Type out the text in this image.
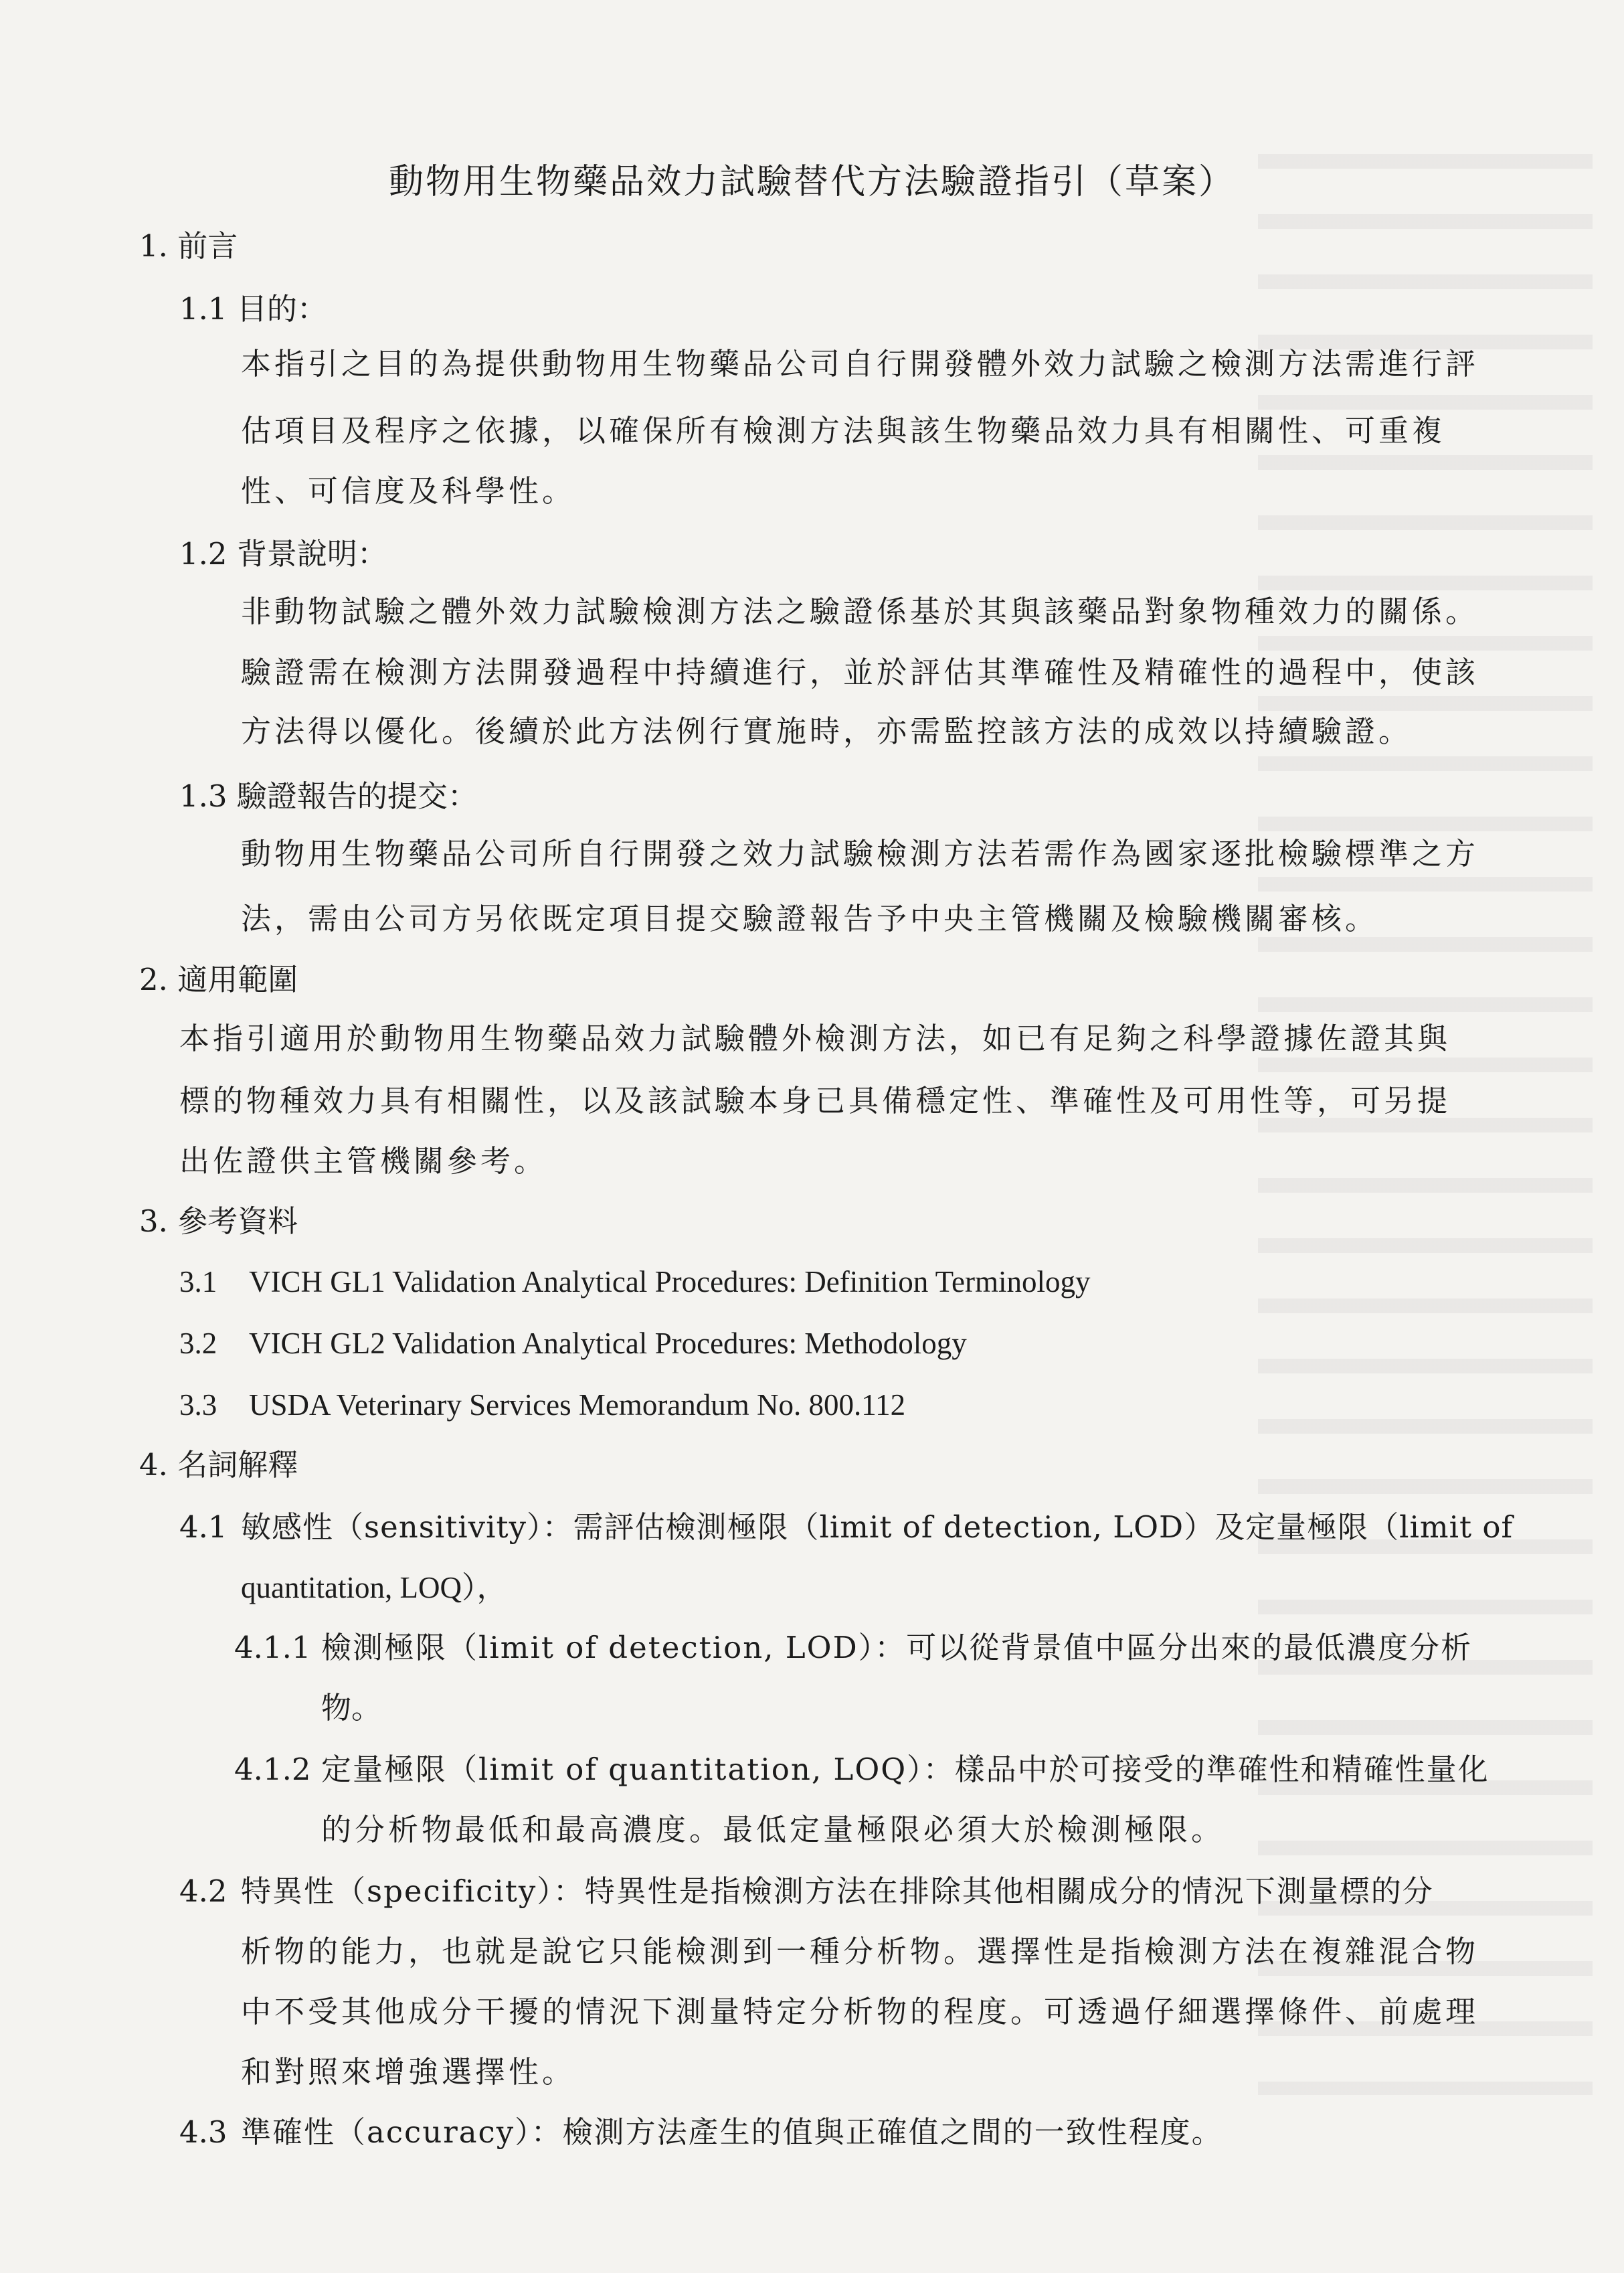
動物用生物藥品效力試驗替代方法驗證指引（草案）
1. 前言
1.1 目的：
本指引之目的為提供動物用生物藥品公司自行開發體外效力試驗之檢測方法需進行評
估項目及程序之依據，以確保所有檢測方法與該生物藥品效力具有相關性、可重複
性、可信度及科學性。
1.2 背景說明：
非動物試驗之體外效力試驗檢測方法之驗證係基於其與該藥品對象物種效力的關係。
驗證需在檢測方法開發過程中持續進行，並於評估其準確性及精確性的過程中，使該
方法得以優化。後續於此方法例行實施時，亦需監控該方法的成效以持續驗證。
1.3 驗證報告的提交：
動物用生物藥品公司所自行開發之效力試驗檢測方法若需作為國家逐批檢驗標準之方
法，需由公司方另依既定項目提交驗證報告予中央主管機關及檢驗機關審核。
2. 適用範圍
本指引適用於動物用生物藥品效力試驗體外檢測方法，如已有足夠之科學證據佐證其與
標的物種效力具有相關性，以及該試驗本身已具備穩定性、準確性及可用性等，可另提
出佐證供主管機關參考。
3. 參考資料
3.1 VICH GL1 Validation Analytical Procedures: Definition Terminology
3.2 VICH GL2 Validation Analytical Procedures: Methodology
3.3 USDA Veterinary Services Memorandum No. 800.112
4. 名詞解釋
4.1 敏感性（sensitivity）：需評估檢測極限（limit of detection, LOD）及定量極限（limit of
quantitation, LOQ），
4.1.1 檢測極限（limit of detection, LOD）：可以從背景值中區分出來的最低濃度分析
物。
4.1.2 定量極限（limit of quantitation, LOQ）：樣品中於可接受的準確性和精確性量化
的分析物最低和最高濃度。最低定量極限必須大於檢測極限。
4.2 特異性（specificity）：特異性是指檢測方法在排除其他相關成分的情況下測量標的分
析物的能力，也就是說它只能檢測到一種分析物。選擇性是指檢測方法在複雜混合物
中不受其他成分干擾的情況下測量特定分析物的程度。可透過仔細選擇條件、前處理
和對照來增強選擇性。
4.3 準確性（accuracy）：檢測方法產生的值與正確值之間的一致性程度。
